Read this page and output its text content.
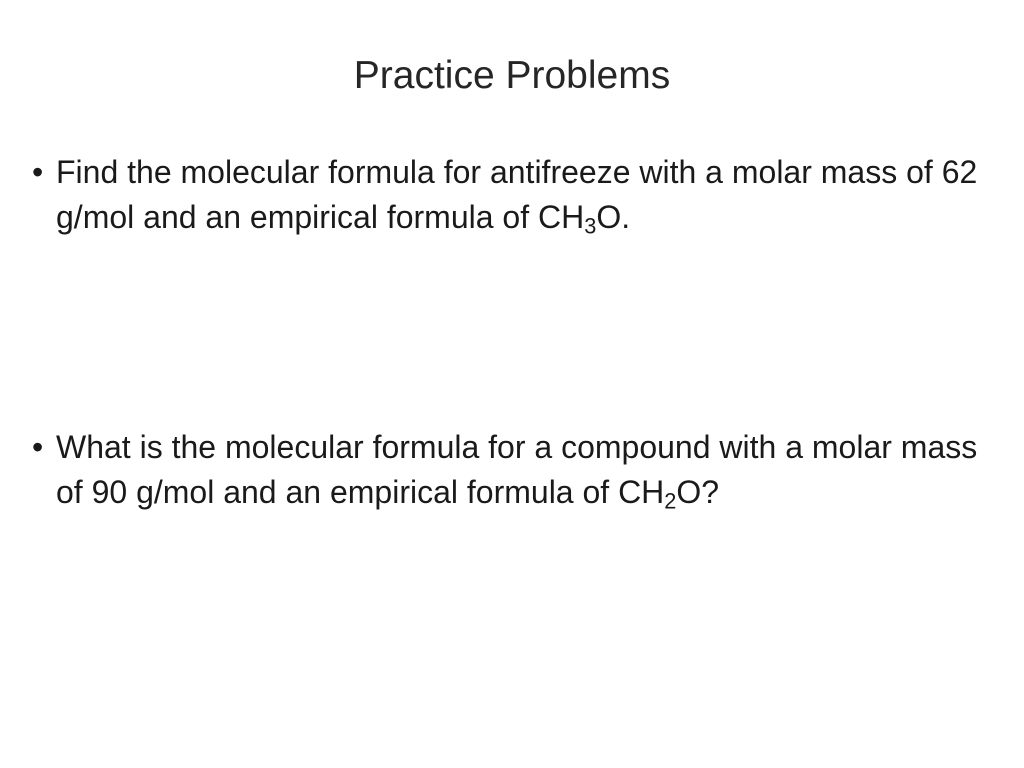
Practice Problems
• Find the molecular formula for antifreeze with a molar mass of 62 g/mol and an empirical formula of $CH_3O$.
• What is the molecular formula for a compound with a molar mass of 90 g/mol and an empirical formula of $CH_2O$?
